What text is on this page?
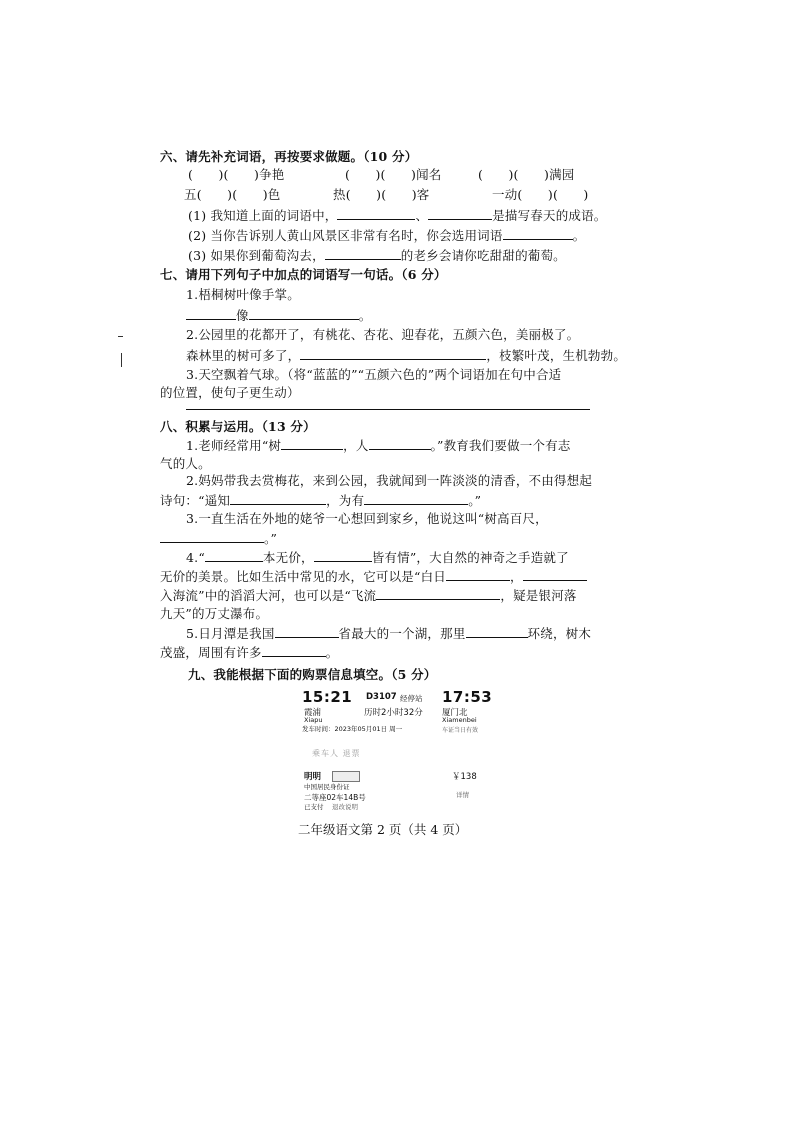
六、请先补充词语，再按要求做题。（10 分）
(　　)(　　)争艳	(　　)(　　)闻名	(　　)(　　)满园
五(　　)(　　)色	热(　　)(　　)客	一动(　　)(　　)
(1) 我知道上面的词语中，	、	是描写春天的成语。
(2) 当你告诉别人黄山风景区非常有名时，你会选用词语	。
(3) 如果你到葡萄沟去，	的老乡会请你吃甜甜的葡萄。
七、请用下列句子中加点的词语写一句话。（6 分）
1.梧桐树叶像手掌。
像	。
2.公园里的花都开了，有桃花、杏花、迎春花，五颜六色，美丽极了。
森林里的树可多了，	，枝繁叶茂，生机勃勃。
3.天空飘着气球。（将“蓝蓝的”“五颜六色的”两个词语加在句中合适
的位置，使句子更生动）
八、积累与运用。（13 分）
1.老师经常用“树	，人	。”教育我们要做一个有志
气的人。
2.妈妈带我去赏梅花，来到公园，我就闻到一阵淡淡的清香，不由得想起
诗句：“遥知	，为有	。”
3.一直生活在外地的姥爷一心想回到家乡，他说这叫“树高百尺，
。”
4.“	本无价，	皆有情”，大自然的神奇之手造就了
无价的美景。比如生活中常见的水，它可以是“白日	，
入海流”中的滔滔大河，也可以是“飞流	，疑是银河落
九天”的万丈瀑布。
5.日月潭是我国	省最大的一个湖，那里	环绕，树木
茂盛，周围有许多	。
九、我能根据下面的购票信息填空。（5 分）
15:21 D3107 经停站 17:53
霞浦	历时2小时32分 厦门北
Xiapu	Xiamenbei
发车时间：2023年05月01日 周一	车证当日有效
乘车人 退票
明明	￥138
中国居民身份证
二等座02车14B号	详情
已支付 退改说明
二年级语文第 2 页（共 4 页）
